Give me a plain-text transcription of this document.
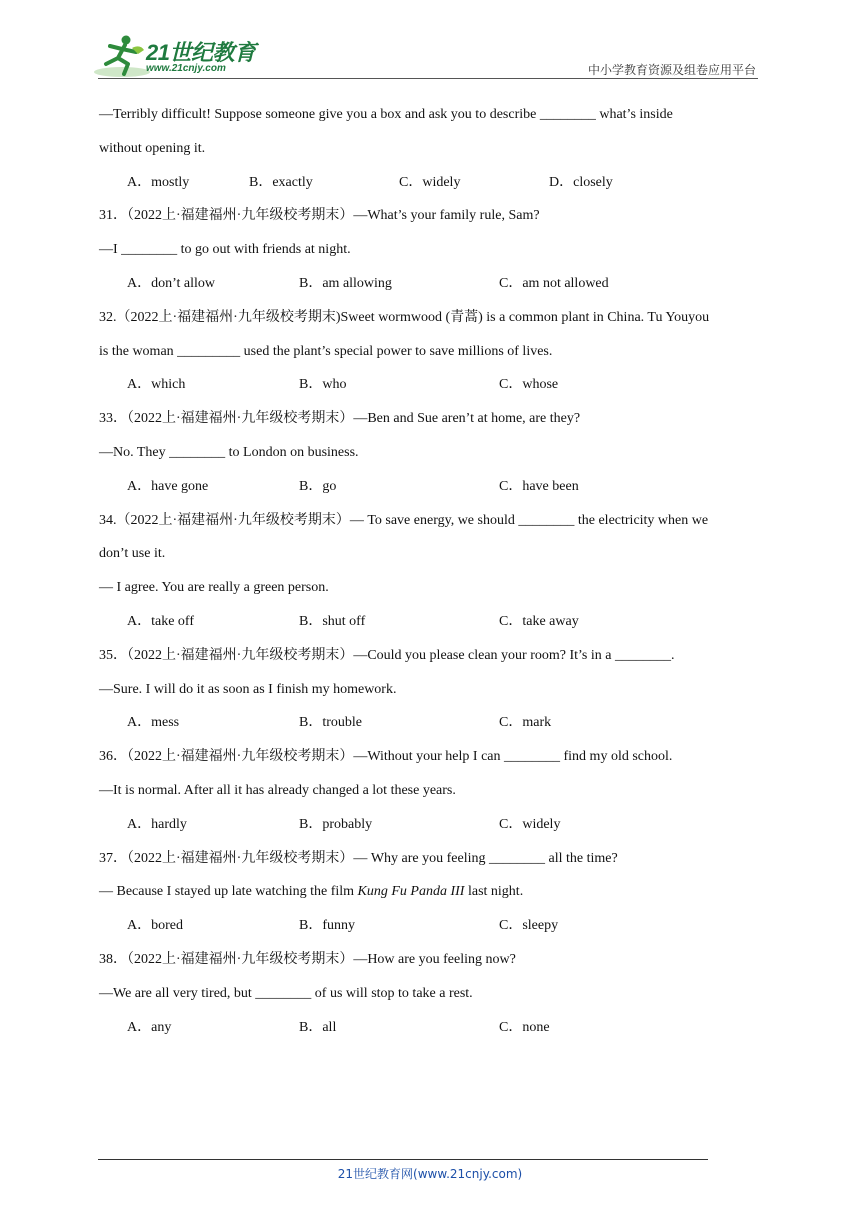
21世纪教育
www.21cnjy.com	中小学教育资源及组卷应用平台
—Terribly difficult! Suppose someone give you a box and ask you to describe ________ what’s inside
without opening it.
A．mostly	B．exactly	C．widely	D．closely
31．（2022上·福建福州·九年级校考期末）—What’s your family rule, Sam?
—I ________ to go out with friends at night.
A．don’t allow	B．am allowing	C．am not allowed
32.（2022上·福建福州·九年级校考期末)Sweet wormwood (青蒿) is a common plant in China. Tu Youyou
is the woman _________ used the plant’s special power to save millions of lives.
A．which	B．who	C．whose
33．（2022上·福建福州·九年级校考期末）—Ben and Sue aren’t at home, are they?
—No. They ________ to London on business.
A．have gone	B．go	C．have been
34.（2022上·福建福州·九年级校考期末）— To save energy, we should ________ the electricity when we
don’t use it.
— I agree. You are really a green person.
A．take off	B．shut off	C．take away
35．（2022上·福建福州·九年级校考期末）—Could you please clean your room? It’s in a ________.
—Sure. I will do it as soon as I finish my homework.
A．mess	B．trouble	C．mark
36．（2022上·福建福州·九年级校考期末）—Without your help I can ________ find my old school.
—It is normal. After all it has already changed a lot these years.
A．hardly	B．probably	C．widely
37．（2022上·福建福州·九年级校考期末）— Why are you feeling ________ all the time?
— Because I stayed up late watching the film Kung Fu Panda III last night.
A．bored	B．funny	C．sleepy
38．（2022上·福建福州·九年级校考期末）—How are you feeling now?
—We are all very tired, but ________ of us will stop to take a rest.
A．any	B．all	C．none
21世纪教育网(www.21cnjy.com)
